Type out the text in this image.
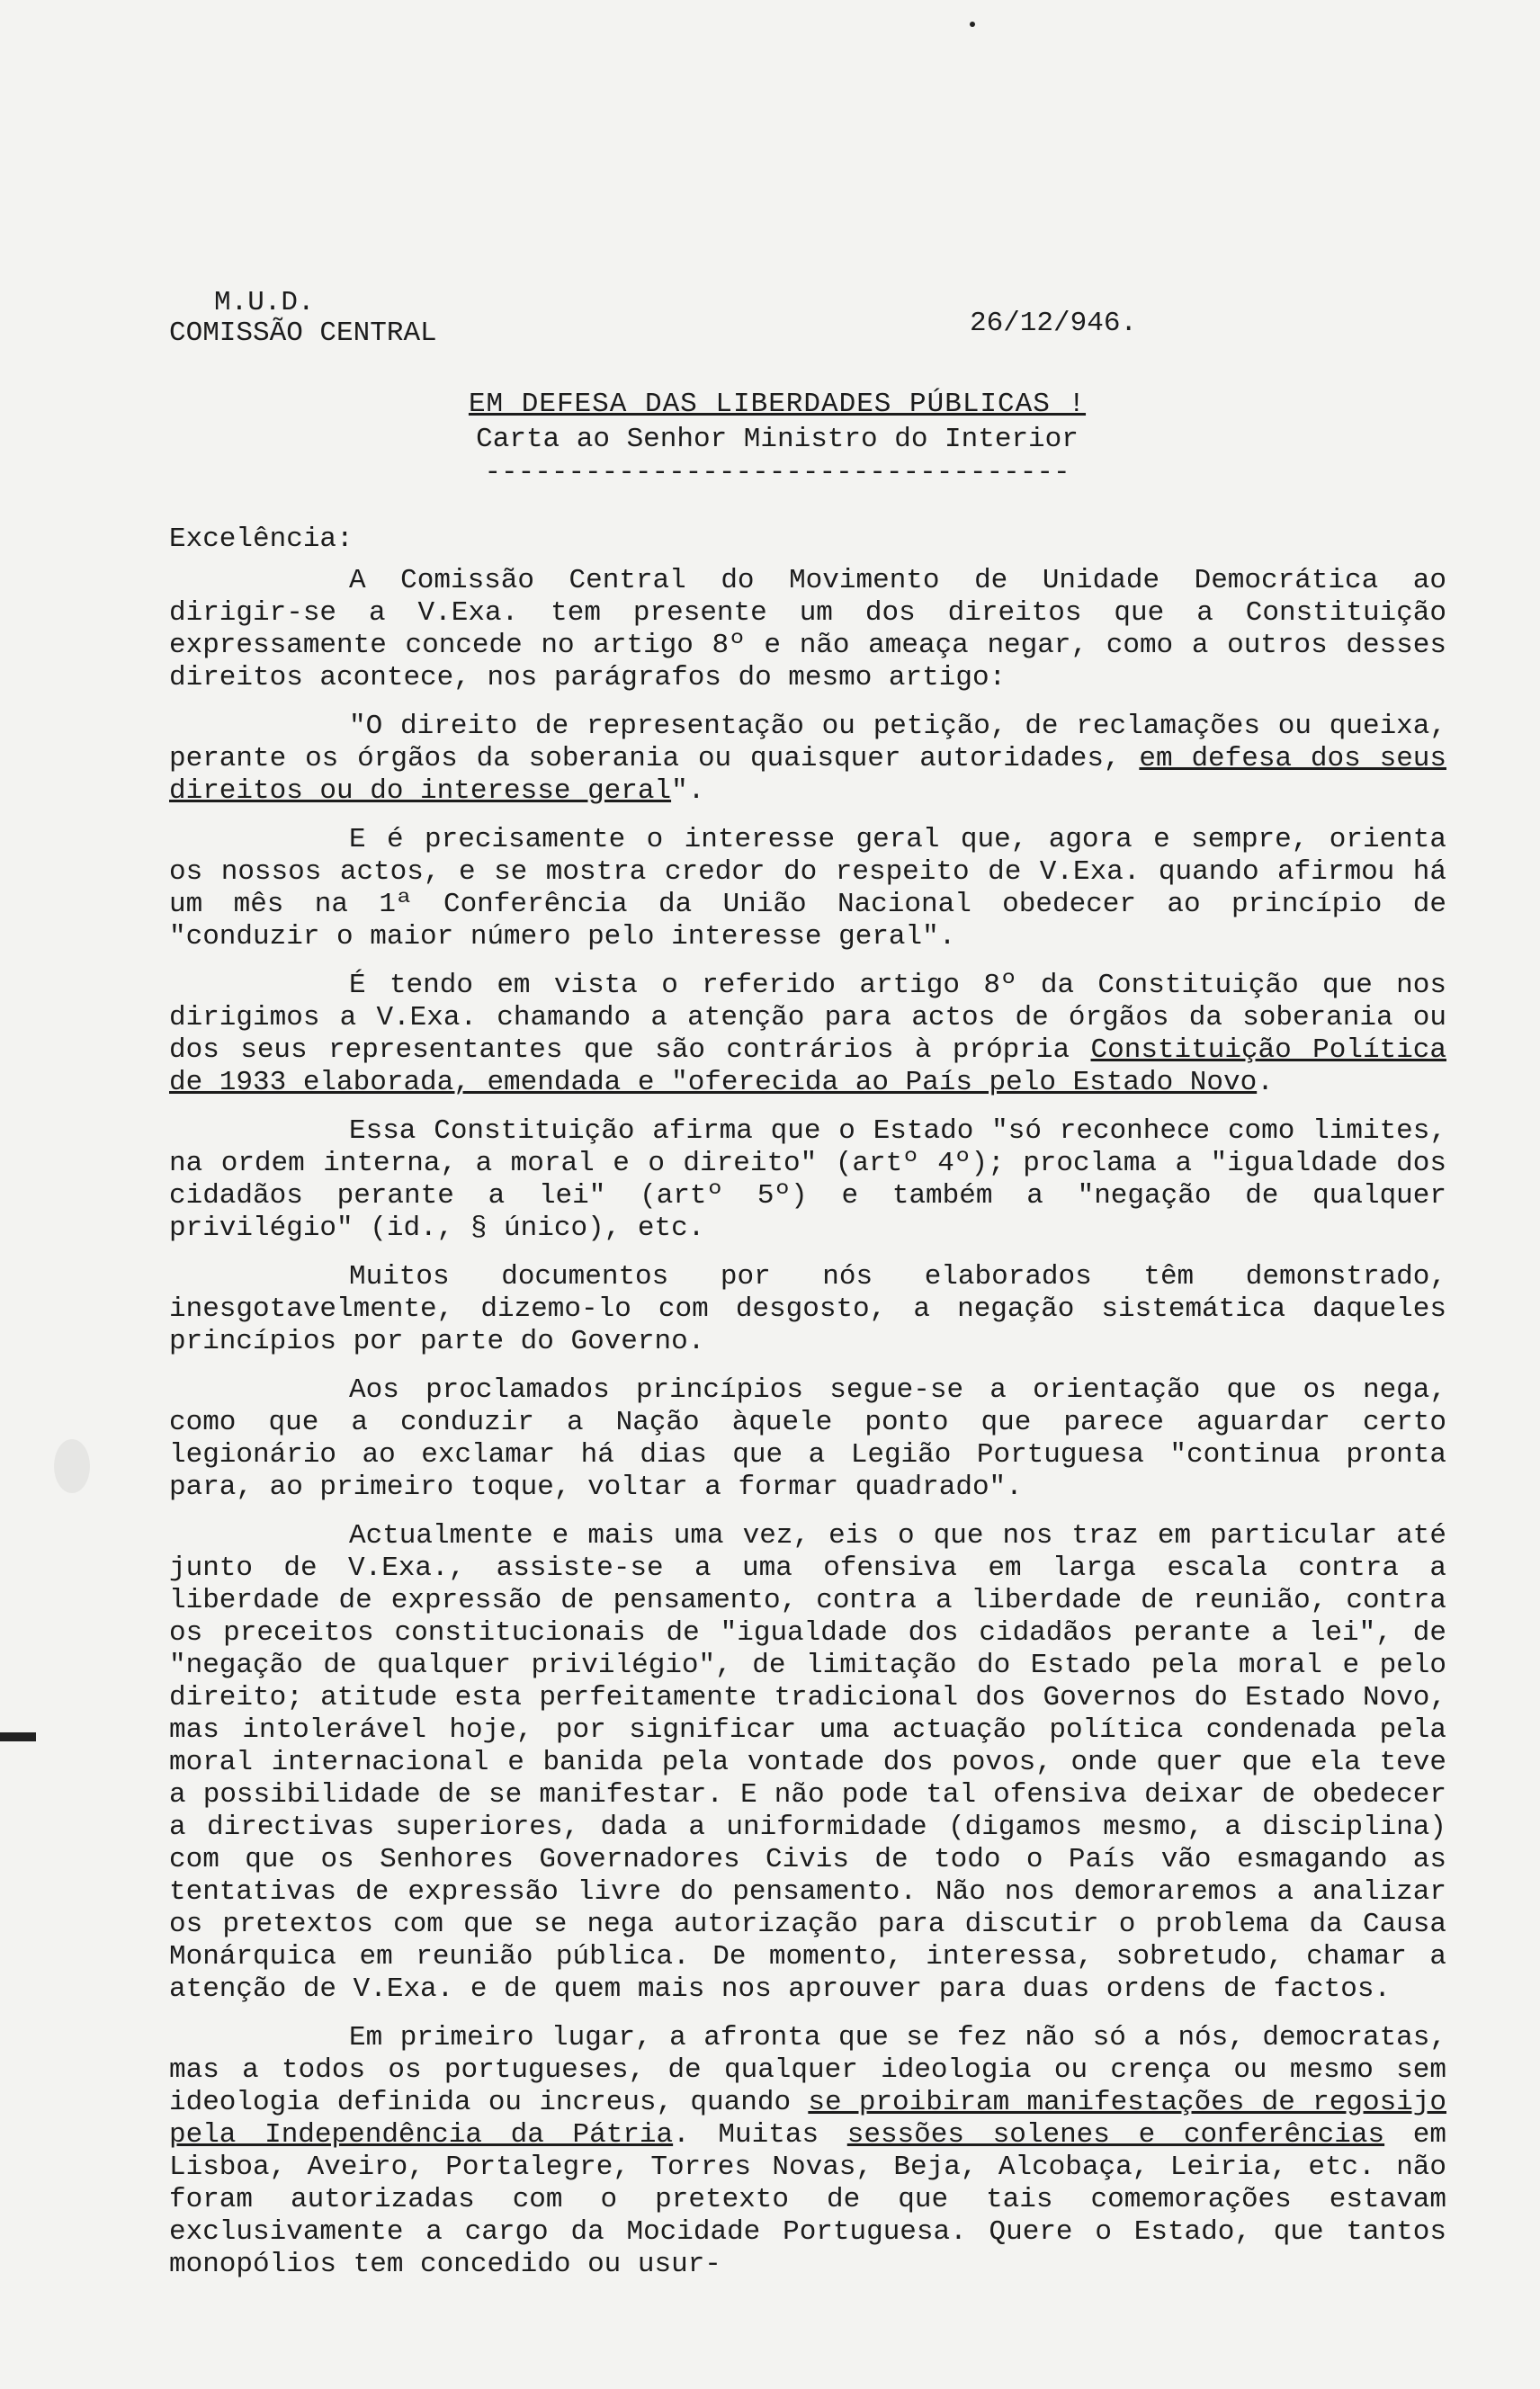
M.U.D.
COMISSÃO CENTRAL	26/12/946.
EM DEFESA DAS LIBERDADES PÚBLICAS !
Carta ao Senhor Ministro do Interior
-----------------------------------
Excelência:

A Comissão Central do Movimento de Unidade Democrática ao dirigir-se a V.Exa. tem presente um dos direitos que a Constituição expressamente concede no artigo 8º e não ameaça negar, como a outros desses direitos acontece, nos parágrafos do mesmo artigo:

"O direito de representação ou petição, de reclamações ou queixa, perante os órgãos da soberania ou quaisquer autoridades, em defesa dos seus direitos ou do interesse geral".

E é precisamente o interesse geral que, agora e sempre, orienta os nossos actos, e se mostra credor do respeito de V.Exa. quando afirmou há um mês na 1ª Conferência da União Nacional obedecer ao princípio de "conduzir o maior número pelo interesse geral".

É tendo em vista o referido artigo 8º da Constituição que nos dirigimos a V.Exa. chamando a atenção para actos de órgãos da soberania ou dos seus representantes que são contrários à própria Constituição Política de 1933 elaborada, emendada e "oferecida ao País pelo Estado Novo.

Essa Constituição afirma que o Estado "só reconhece como limites, na ordem interna, a moral e o direito" (artº 4º); proclama a "igualdade dos cidadãos perante a lei" (artº 5º) e também a "negação de qualquer privilégio" (id., § único), etc.

Muitos documentos por nós elaborados têm demonstrado, inesgotavelmente, dizemo-lo com desgosto, a negação sistemática daqueles princípios por parte do Governo.

Aos proclamados princípios segue-se a orientação que os nega, como que a conduzir a Nação àquele ponto que parece aguardar certo legionário ao exclamar há dias que a Legião Portuguesa "continua pronta para, ao primeiro toque, voltar a formar quadrado".

Actualmente e mais uma vez, eis o que nos traz em particular até junto de V.Exa., assiste-se a uma ofensiva em larga escala contra a liberdade de expressão de pensamento, contra a liberdade de reunião, contra os preceitos constitucionais de "igualdade dos cidadãos perante a lei", de "negação de qualquer privilégio", de limitação do Estado pela moral e pelo direito; atitude esta perfeitamente tradicional dos Governos do Estado Novo, mas intolerável hoje, por significar uma actuação política condenada pela moral internacional e banida pela vontade dos povos, onde quer que ela teve a possibilidade de se manifestar. E não pode tal ofensiva deixar de obedecer a directivas superiores, dada a uniformidade (digamos mesmo, a disciplina) com que os Senhores Governadores Civis de todo o País vão esmagando as tentativas de expressão livre do pensamento. Não nos demoraremos a analizar os pretextos com que se nega autorização para discutir o problema da Causa Monárquica em reunião pública. De momento, interessa, sobretudo, chamar a atenção de V.Exa. e de quem mais nos aprouver para duas ordens de factos.

Em primeiro lugar, a afronta que se fez não só a nós, democratas, mas a todos os portugueses, de qualquer ideologia ou crença ou mesmo sem ideologia definida ou increus, quando se proibiram manifestações de regosijo pela Independência da Pátria. Muitas sessões solenes e conferências em Lisboa, Aveiro, Portalegre, Torres Novas, Beja, Alcobaça, Leiria, etc. não foram autorizadas com o pretexto de que tais comemorações estavam exclusivamente a cargo da Mocidade Portuguesa. Quere o Estado, que tantos monopólios tem concedido ou usur-
